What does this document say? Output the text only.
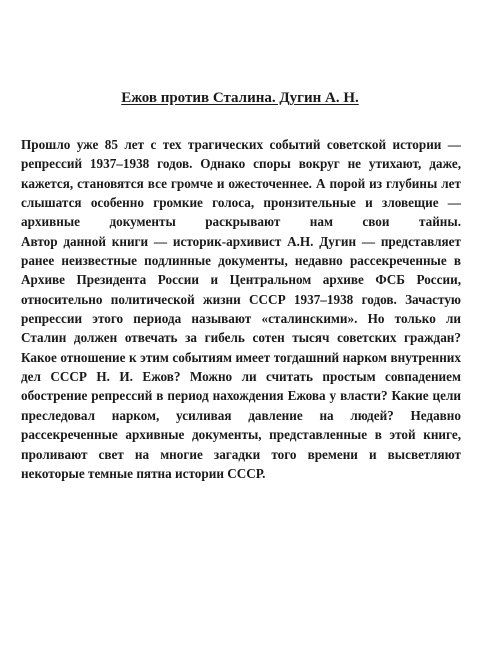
Ежов против Сталина. Дугин А. Н.

Прошло уже 85 лет с тех трагических событий советской истории — репрессий 1937–1938 годов. Однако споры вокруг не утихают, даже, кажется, становятся все громче и ожесточеннее. А порой из глубины лет слышатся особенно громкие голоса, пронзительные и зловещие — архивные документы раскрывают нам свои тайны.

Автор данной книги — историк-архивист А.Н. Дугин — представляет ранее неизвестные подлинные документы, недавно рассекреченные в Архиве Президента России и Центральном архиве ФСБ России, относительно политической жизни СССР 1937–1938 годов. Зачастую репрессии этого периода называют «сталинскими». Но только ли Сталин должен отвечать за гибель сотен тысяч советских граждан? Какое отношение к этим событиям имеет тогдашний нарком внутренних дел СССР Н. И. Ежов? Можно ли считать простым совпадением обострение репрессий в период нахождения Ежова у власти? Какие цели преследовал нарком, усиливая давление на людей? Недавно рассекреченные архивные документы, представленные в этой книге, проливают свет на многие загадки того времени и высветляют некоторые темные пятна истории СССР.
